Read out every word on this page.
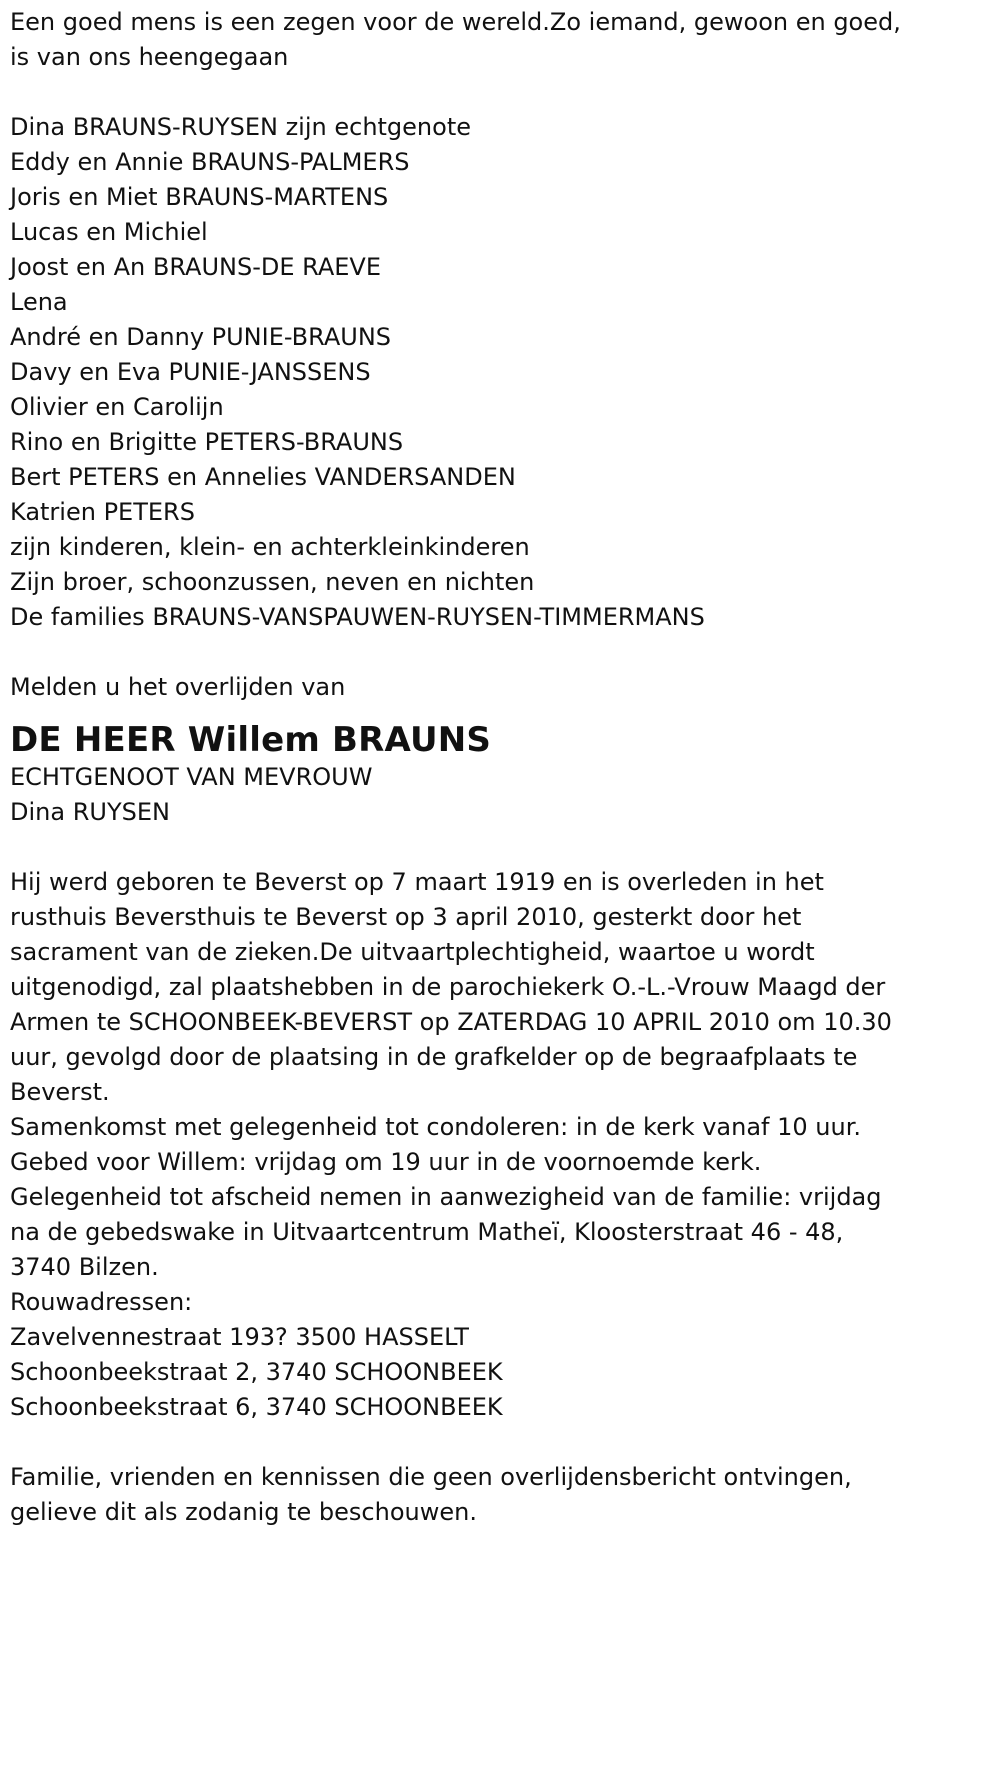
Een goed mens is een zegen voor de wereld.Zo iemand, gewoon en goed,
is van ons heengegaan
Dina BRAUNS-RUYSEN zijn echtgenote
Eddy en Annie BRAUNS-PALMERS
Joris en Miet BRAUNS-MARTENS
Lucas en Michiel
Joost en An BRAUNS-DE RAEVE
Lena
André en Danny PUNIE-BRAUNS
Davy en Eva PUNIE-JANSSENS
Olivier en Carolijn
Rino en Brigitte PETERS-BRAUNS
Bert PETERS en Annelies VANDERSANDEN
Katrien PETERS
zijn kinderen, klein- en achterkleinkinderen
Zijn broer, schoonzussen, neven en nichten
De families BRAUNS-VANSPAUWEN-RUYSEN-TIMMERMANS
Melden u het overlijden van
DE HEER Willem BRAUNS
ECHTGENOOT VAN MEVROUW
Dina RUYSEN
Hij werd geboren te Beverst op 7 maart 1919 en is overleden in het
rusthuis Beversthuis te Beverst op 3 april 2010, gesterkt door het
sacrament van de zieken.De uitvaartplechtigheid, waartoe u wordt
uitgenodigd, zal plaatshebben in de parochiekerk O.-L.-Vrouw Maagd der
Armen te SCHOONBEEK-BEVERST op ZATERDAG 10 APRIL 2010 om 10.30
uur, gevolgd door de plaatsing in de grafkelder op de begraafplaats te
Beverst.
Samenkomst met gelegenheid tot condoleren: in de kerk vanaf 10 uur.
Gebed voor Willem: vrijdag om 19 uur in de voornoemde kerk.
Gelegenheid tot afscheid nemen in aanwezigheid van de familie: vrijdag
na de gebedswake in Uitvaartcentrum Matheï, Kloosterstraat 46 - 48,
3740 Bilzen.
Rouwadressen:
Zavelvennestraat 193? 3500 HASSELT
Schoonbeekstraat 2, 3740 SCHOONBEEK
Schoonbeekstraat 6, 3740 SCHOONBEEK
Familie, vrienden en kennissen die geen overlijdensbericht ontvingen,
gelieve dit als zodanig te beschouwen.
